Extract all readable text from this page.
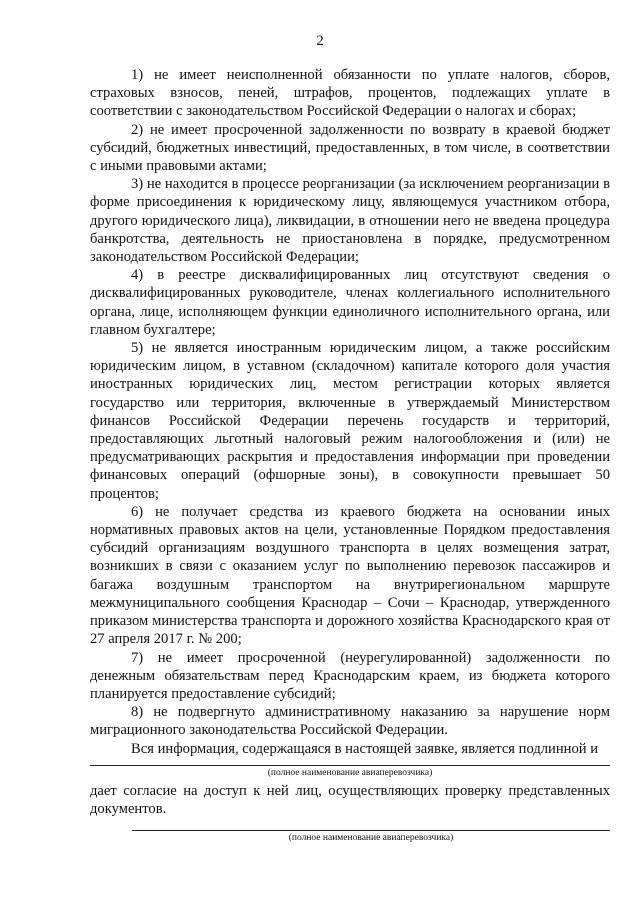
2

1) не имеет неисполненной обязанности по уплате налогов, сборов, страховых взносов, пеней, штрафов, процентов, подлежащих уплате в соответствии с законодательством Российской Федерации о налогах и сборах;

2) не имеет просроченной задолженности по возврату в краевой бюджет субсидий, бюджетных инвестиций, предоставленных, в том числе, в соответствии с иными правовыми актами;

3) не находится в процессе реорганизации (за исключением реорганизации в форме присоединения к юридическому лицу, являющемуся участником отбора, другого юридического лица), ликвидации, в отношении него не введена процедура банкротства, деятельность не приостановлена в порядке, предусмотренном законодательством Российской Федерации;

4) в реестре дисквалифицированных лиц отсутствуют сведения о дисквалифицированных руководителе, членах коллегиального исполнительного органа, лице, исполняющем функции единоличного исполнительного органа, или главном бухгалтере;

5) не является иностранным юридическим лицом, а также российским юридическим лицом, в уставном (складочном) капитале которого доля участия иностранных юридических лиц, местом регистрации которых является государство или территория, включенные в утверждаемый Министерством финансов Российской Федерации перечень государств и территорий, предоставляющих льготный налоговый режим налогообложения и (или) не предусматривающих раскрытия и предоставления информации при проведении финансовых операций (офшорные зоны), в совокупности превышает 50 процентов;

6) не получает средства из краевого бюджета на основании иных нормативных правовых актов на цели, установленные Порядком предоставления субсидий организациям воздушного транспорта в целях возмещения затрат, возникших в связи с оказанием услуг по выполнению перевозок пассажиров и багажа воздушным транспортом на внутрирегиональном маршруте межмуниципального сообщения Краснодар – Сочи – Краснодар, утвержденного приказом министерства транспорта и дорожного хозяйства Краснодарского края от 27 апреля 2017 г. № 200;

7) не имеет просроченной (неурегулированной) задолженности по денежным обязательствам перед Краснодарским краем, из бюджета которого планируется предоставление субсидий;

8) не подвергнуто административному наказанию за нарушение норм миграционного законодательства Российской Федерации.

Вся информация, содержащаяся в настоящей заявке, является подлинной и

(полное наименование авиаперевозчика)

дает согласие на доступ к ней лиц, осуществляющих проверку представленных документов.

(полное наименование авиаперевозчика)
